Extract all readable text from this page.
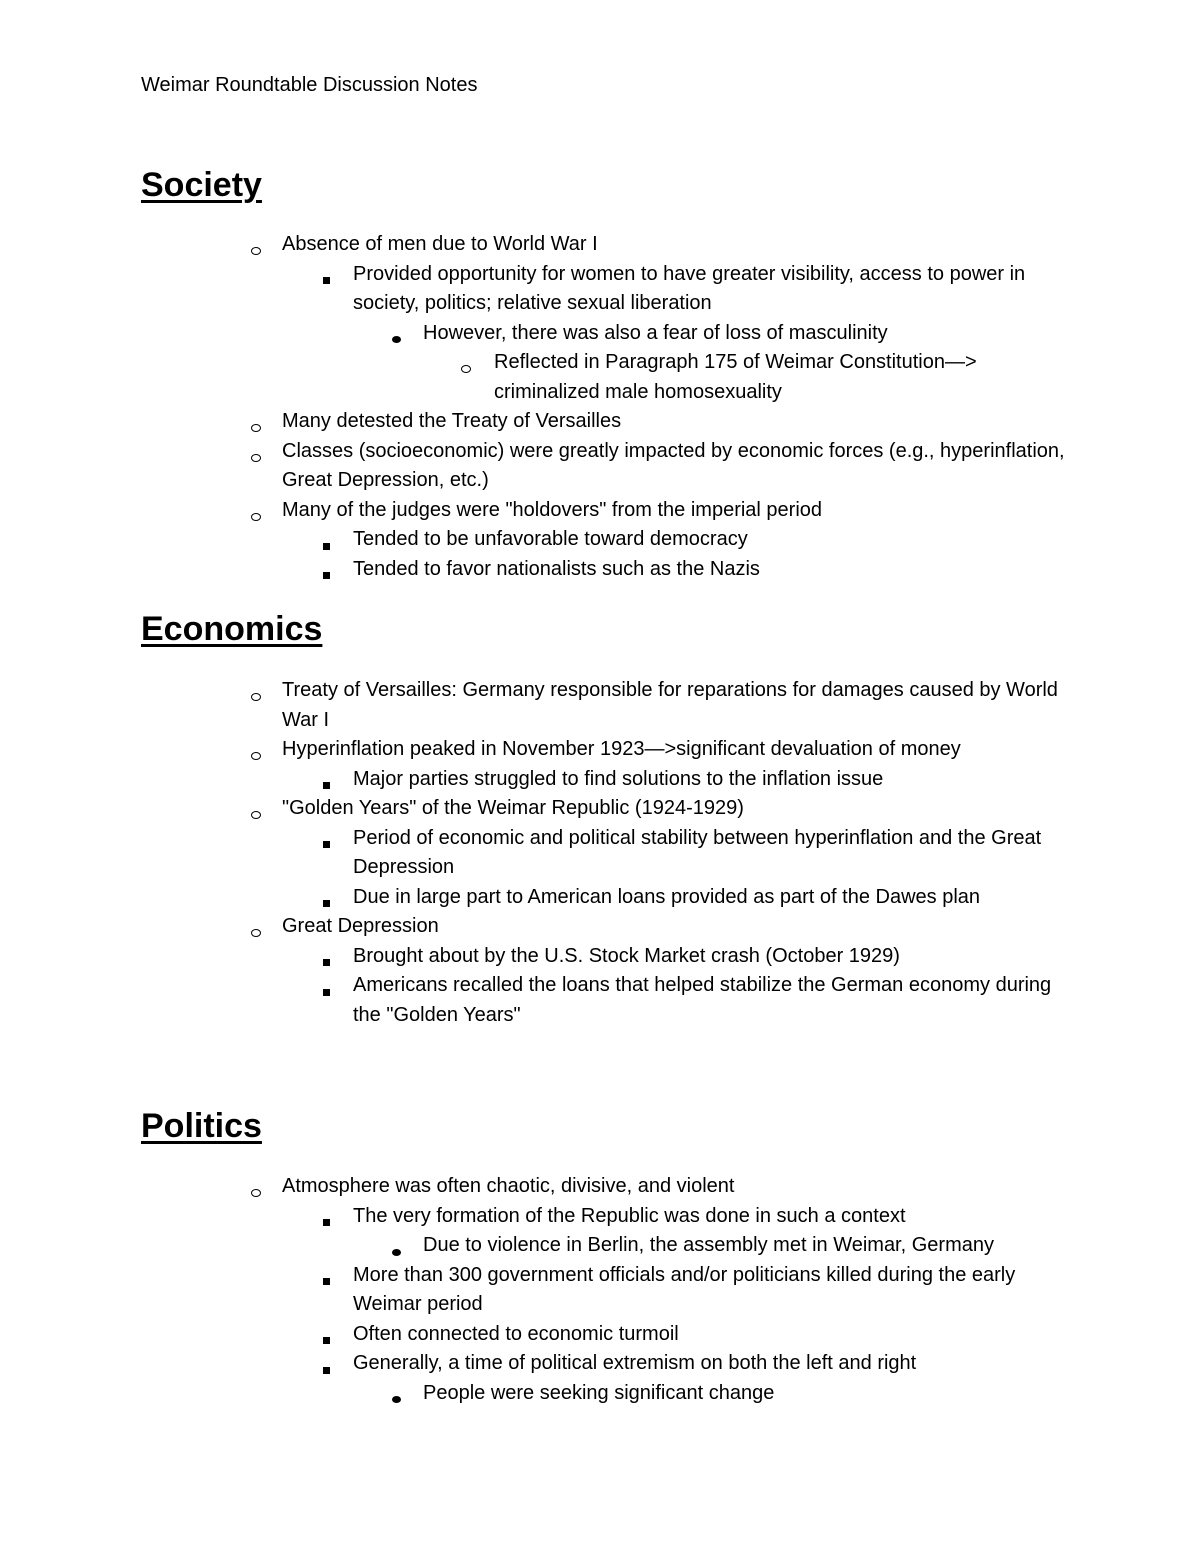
Weimar Roundtable Discussion Notes
Society
Absence of men due to World War I
Provided opportunity for women to have greater visibility, access to power in society, politics; relative sexual liberation
However, there was also a fear of loss of masculinity
Reflected in Paragraph 175 of Weimar Constitution—> criminalized male homosexuality
Many detested the Treaty of Versailles
Classes (socioeconomic) were greatly impacted by economic forces (e.g., hyperinflation, Great Depression, etc.)
Many of the judges were "holdovers" from the imperial period
Tended to be unfavorable toward democracy
Tended to favor nationalists such as the Nazis
Economics
Treaty of Versailles: Germany responsible for reparations for damages caused by World War I
Hyperinflation peaked in November 1923—>significant devaluation of money
Major parties struggled to find solutions to the inflation issue
"Golden Years" of the Weimar Republic (1924-1929)
Period of economic and political stability between hyperinflation and the Great Depression
Due in large part to American loans provided as part of the Dawes plan
Great Depression
Brought about by the U.S. Stock Market crash (October 1929)
Americans recalled the loans that helped stabilize the German economy during the "Golden Years"
Politics
Atmosphere was often chaotic, divisive, and violent
The very formation of the Republic was done in such a context
Due to violence in Berlin, the assembly met in Weimar, Germany
More than 300 government officials and/or politicians killed during the early Weimar period
Often connected to economic turmoil
Generally, a time of political extremism on both the left and right
People were seeking significant change
